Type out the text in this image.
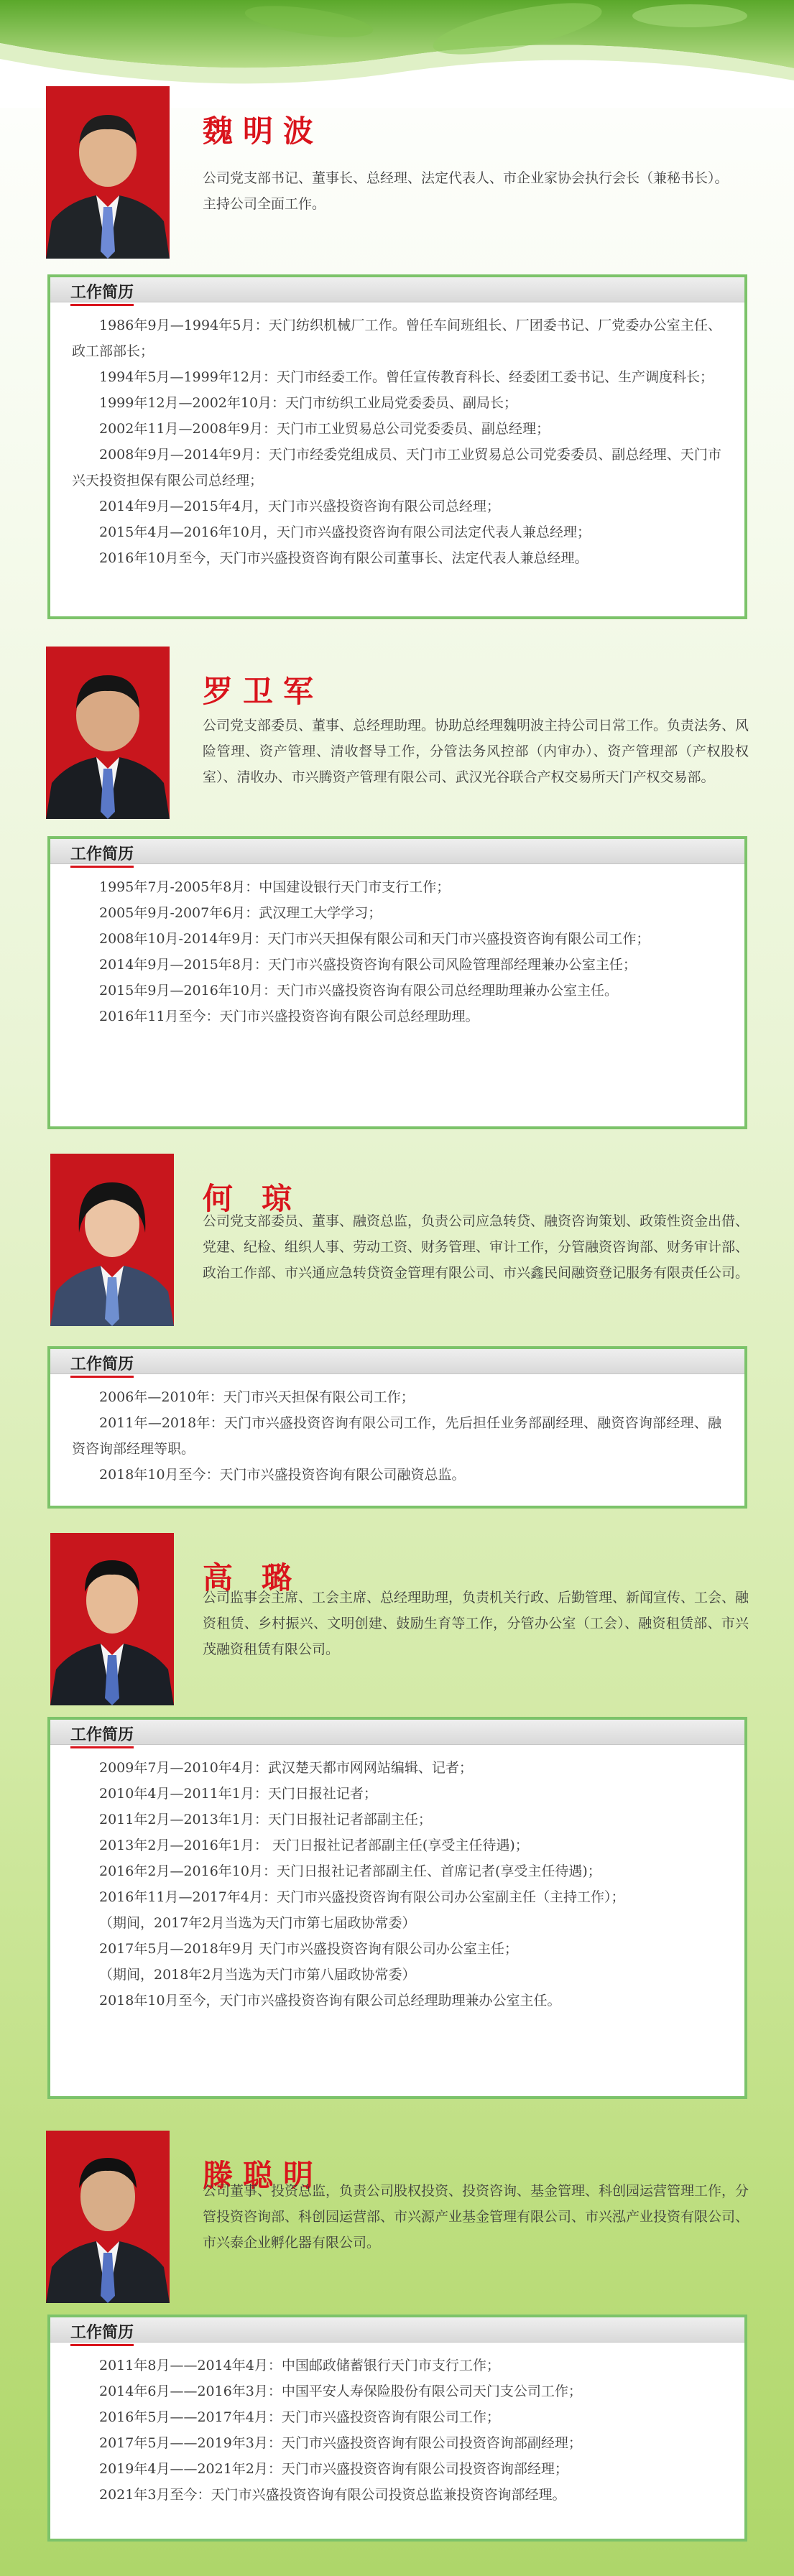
魏明波

公司党支部书记、董事长、总经理、法定代表人、市企业家协会执行会长（兼秘书长）。

主持公司全面工作。

工作简历

1986年9月—1994年5月：天门纺织机械厂工作。曾任车间班组长、厂团委书记、厂党委办公室主任、政工部部长；

1994年5月—1999年12月：天门市经委工作。曾任宣传教育科长、经委团工委书记、生产调度科长；

1999年12月—2002年10月：天门市纺织工业局党委委员、副局长；

2002年11月—2008年9月：天门市工业贸易总公司党委委员、副总经理；

2008年9月—2014年9月：天门市经委党组成员、天门市工业贸易总公司党委委员、副总经理、天门市兴天投资担保有限公司总经理；

2014年9月—2015年4月，天门市兴盛投资咨询有限公司总经理；

2015年4月—2016年10月，天门市兴盛投资咨询有限公司法定代表人兼总经理；

2016年10月至今，天门市兴盛投资咨询有限公司董事长、法定代表人兼总经理。

罗卫军

公司党支部委员、董事、总经理助理。协助总经理魏明波主持公司日常工作。负责法务、风险管理、资产管理、清收督导工作，分管法务风控部（内审办）、资产管理部（产权股权室）、清收办、市兴腾资产管理有限公司、武汉光谷联合产权交易所天门产权交易部。

工作简历

1995年7月-2005年8月：中国建设银行天门市支行工作；

2005年9月-2007年6月：武汉理工大学学习；

2008年10月-2014年9月：天门市兴天担保有限公司和天门市兴盛投资咨询有限公司工作；

2014年9月—2015年8月：天门市兴盛投资咨询有限公司风险管理部经理兼办公室主任；

2015年9月—2016年10月：天门市兴盛投资咨询有限公司总经理助理兼办公室主任。

2016年11月至今：天门市兴盛投资咨询有限公司总经理助理。

何琼

公司党支部委员、董事、融资总监，负责公司应急转贷、融资咨询策划、政策性资金出借、党建、纪检、组织人事、劳动工资、财务管理、审计工作，分管融资咨询部、财务审计部、政治工作部、市兴通应急转贷资金管理有限公司、市兴鑫民间融资登记服务有限责任公司。

工作简历

2006年—2010年：天门市兴天担保有限公司工作；

2011年—2018年：天门市兴盛投资咨询有限公司工作，先后担任业务部副经理、融资咨询部经理、融资咨询部经理等职。

2018年10月至今：天门市兴盛投资咨询有限公司融资总监。

高璐

公司监事会主席、工会主席、总经理助理，负责机关行政、后勤管理、新闻宣传、工会、融资租赁、乡村振兴、文明创建、鼓励生育等工作，分管办公室（工会）、融资租赁部、市兴茂融资租赁有限公司。

工作简历

2009年7月—2010年4月：武汉楚天都市网网站编辑、记者；

2010年4月—2011年1月：天门日报社记者；

2011年2月—2013年1月：天门日报社记者部副主任；

2013年2月—2016年1月： 天门日报社记者部副主任(享受主任待遇)；

2016年2月—2016年10月：天门日报社记者部副主任、首席记者(享受主任待遇)；

2016年11月—2017年4月：天门市兴盛投资咨询有限公司办公室副主任（主持工作）；

（期间，2017年2月当选为天门市第七届政协常委）

2017年5月—2018年9月 天门市兴盛投资咨询有限公司办公室主任；

（期间，2018年2月当选为天门市第八届政协常委）

2018年10月至今，天门市兴盛投资咨询有限公司总经理助理兼办公室主任。

滕聪明

公司董事、投资总监，负责公司股权投资、投资咨询、基金管理、科创园运营管理工作，分管投资咨询部、科创园运营部、市兴源产业基金管理有限公司、市兴泓产业投资有限公司、市兴泰企业孵化器有限公司。

工作简历

2011年8月——2014年4月：中国邮政储蓄银行天门市支行工作；

2014年6月——2016年3月：中国平安人寿保险股份有限公司天门支公司工作；

2016年5月——2017年4月：天门市兴盛投资咨询有限公司工作；

2017年5月——2019年3月：天门市兴盛投资咨询有限公司投资咨询部副经理；

2019年4月——2021年2月：天门市兴盛投资咨询有限公司投资咨询部经理；

2021年3月至今：天门市兴盛投资咨询有限公司投资总监兼投资咨询部经理。
